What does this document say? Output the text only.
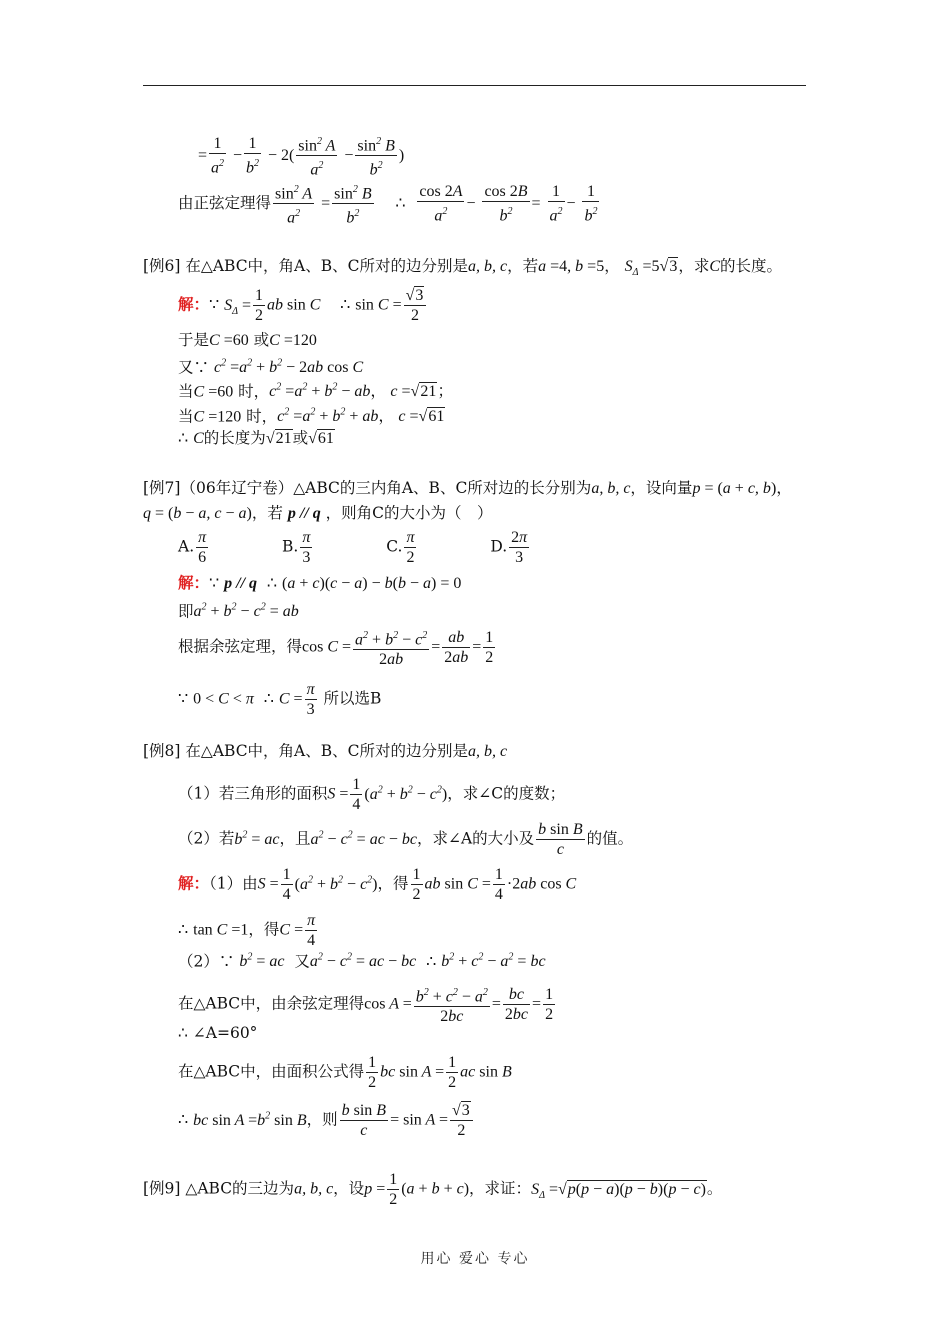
= $\frac{1}{a^2} - \frac{1}{b^2} - 2( \frac{\sin^2 A}{a^2} - \frac{\sin^2 B}{b^2}$ )
由正弦定理得 $\frac{\sin^2 A}{a^2} = \frac{\sin^2 B}{b^2}$ ∴ $\frac{\cos 2A}{a^2} - \frac{\cos 2B}{b^2} = \frac{1}{a^2} - \frac{1}{b^2}$
[例6] 在△ABC中，角A、B、C所对的边分别是a, b, c，若a =4, b =5， $S_\Delta =5√3$，求C的长度。
解：∵ $S_\Delta = \frac{1}{2}$ ab sin C ∴ $\sin C = \frac{√3}{2}$
于是C =60 或C =120
又∵ $c^2 =a^2 + b^2 - 2ab$ cos C
当C =60 时，$c^2 =a^2 + b^2$ − ab， c =√21；
当C =120 时，$c^2 =a^2 + b^2$ + ab， c =√61
∴ C的长度为√21或√61
[例7]（06年辽宁卷）△ABC的三内角A、B、C所对边的长分别为a, b, c，设向量p = (a + c, b)，
q = (b − a, c − a)，若 p // q ，则角C的大小为（　）
A. $\frac{\pi}{6}$	B. $\frac{\pi}{3}$	C. $\frac{\pi}{2}$	D. $\frac{2\pi}{3}$
解：∵ p // q ∴ (a + c)(c − a) − b(b − a) = 0
即$a^2 + b^2 - c^2$ = ab
根据余弦定理，得$\cos C = \frac{a^2 + b^2 - c^2}{2ab} = \frac{ab}{2ab} = \frac{1}{2}$
∵ 0 < C < π ∴ $C = \frac{\pi}{3}$ 所以选B
[例8] 在△ABC中，角A、B、C所对的边分别是a, b, c
（1）若三角形的面积$S = \frac{1}{4} (a^2 + b^2 - c^2)$，求∠C的度数；
（2）若$b^2$ = ac，且$a^2 - c^2$ = ac − bc，求∠A的大小及 $\frac{\text{b sin B}}{c}$ 的值。
解：（1）由$S = \frac{1}{4} (a^2 + b^2 - c^2)$，得 $\frac{1}{2}$ ab $\sin C = \frac{1}{4} \cdot 2ab$ cos C
∴ tan C =1，得$C = \frac{\pi}{4}$
（2）∵ $b^2$ = ac 又$a^2 - c^2$ = ac − bc ∴ $b^2 + c^2 - a^2$ = bc
在△ABC中，由余弦定理得$\cos A = \frac{b^2 + c^2 - a^2}{2bc} = \frac{bc}{2bc} = \frac{1}{2}$
∴ ∠A=60°
在△ABC中，由面积公式得 $\frac{1}{2}$ bc $\sin A = \frac{1}{2}$ ac sin B
∴ bc $\sin A =b^2$ sin B，则 $\frac{\text{b sin B}}{c} = \sin A = \frac{√3}{2}$
[例9] △ABC的三边为a, b, c，设$p = \frac{1}{2} (a + b + c)$，求证：$S_\Delta =√p(p - a)(p - b)(p - c)$。
用心 爱心 专心
